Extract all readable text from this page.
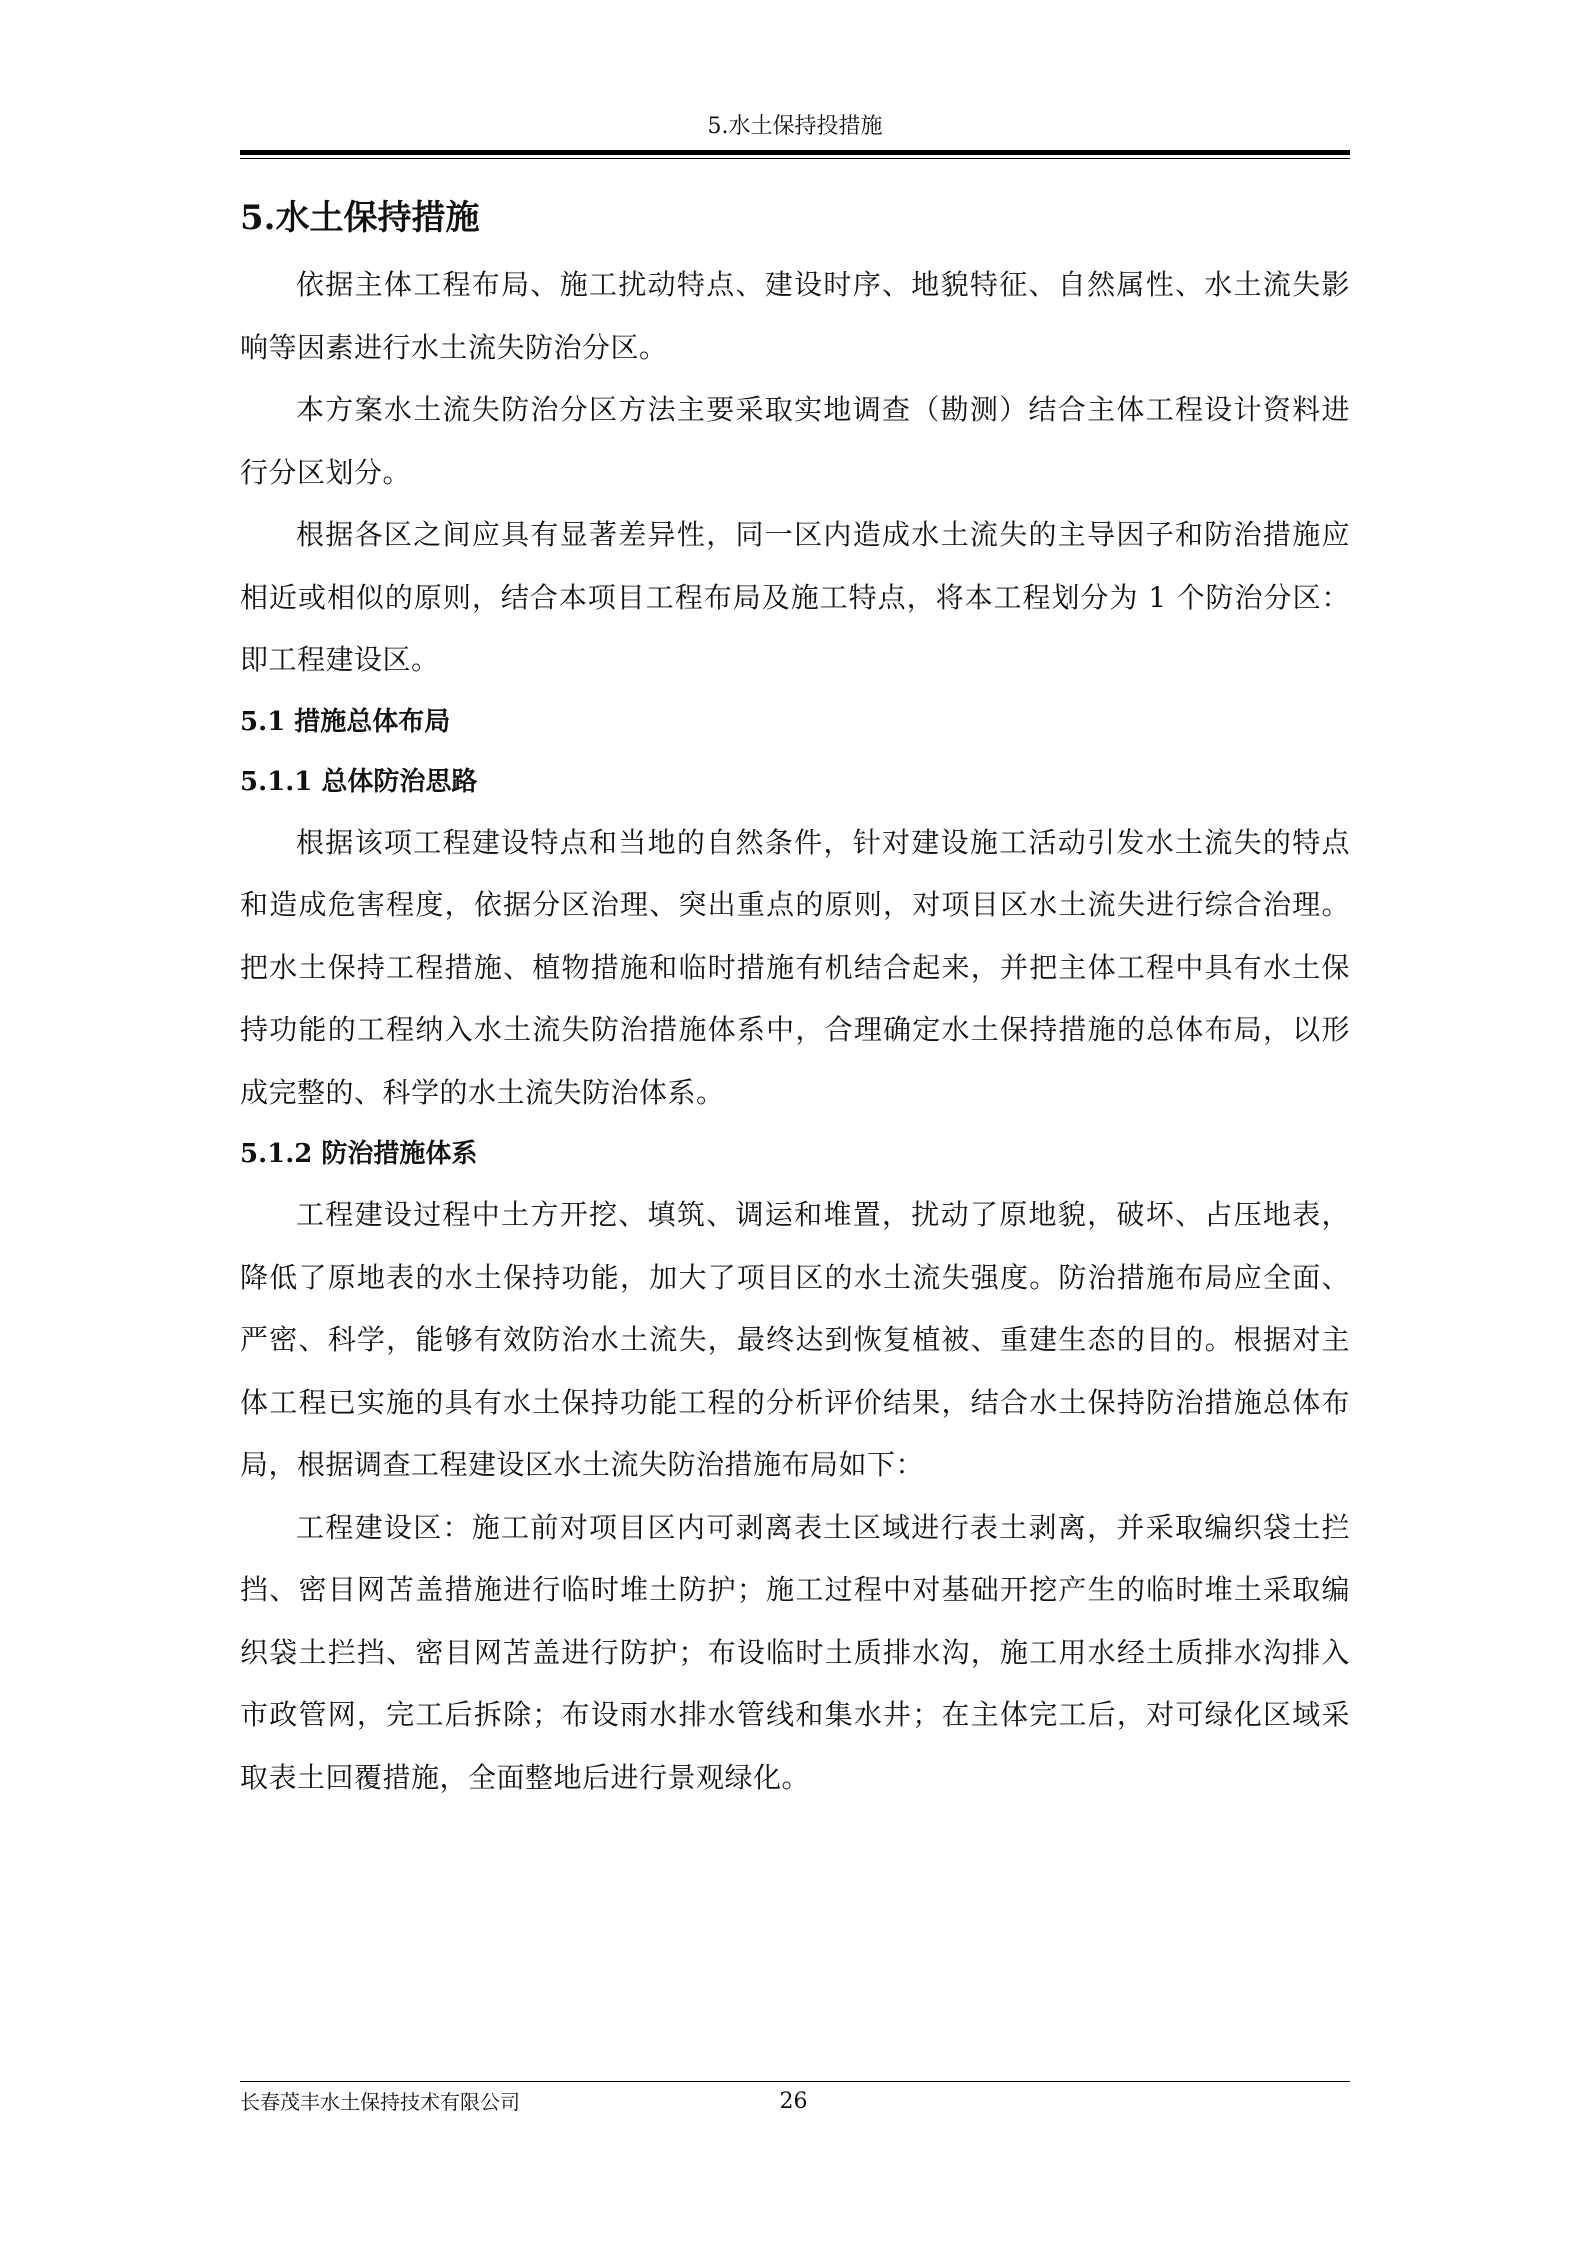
5.水土保持投措施
5.水土保持措施

依据主体工程布局、施工扰动特点、建设时序、地貌特征、自然属性、水土流失影响等因素进行水土流失防治分区。

本方案水土流失防治分区方法主要采取实地调查（勘测）结合主体工程设计资料进行分区划分。

根据各区之间应具有显著差异性，同一区内造成水土流失的主导因子和防治措施应相近或相似的原则，结合本项目工程布局及施工特点，将本工程划分为 1 个防治分区：即工程建设区。

5.1 措施总体布局
5.1.1 总体防治思路

根据该项工程建设特点和当地的自然条件，针对建设施工活动引发水土流失的特点和造成危害程度，依据分区治理、突出重点的原则，对项目区水土流失进行综合治理。把水土保持工程措施、植物措施和临时措施有机结合起来，并把主体工程中具有水土保持功能的工程纳入水土流失防治措施体系中，合理确定水土保持措施的总体布局，以形成完整的、科学的水土流失防治体系。

5.1.2 防治措施体系

工程建设过程中土方开挖、填筑、调运和堆置，扰动了原地貌，破坏、占压地表，降低了原地表的水土保持功能，加大了项目区的水土流失强度。防治措施布局应全面、严密、科学，能够有效防治水土流失，最终达到恢复植被、重建生态的目的。根据对主体工程已实施的具有水土保持功能工程的分析评价结果，结合水土保持防治措施总体布局，根据调查工程建设区水土流失防治措施布局如下：

工程建设区：施工前对项目区内可剥离表土区域进行表土剥离，并采取编织袋土拦挡、密目网苫盖措施进行临时堆土防护；施工过程中对基础开挖产生的临时堆土采取编织袋土拦挡、密目网苫盖进行防护；布设临时土质排水沟，施工用水经土质排水沟排入市政管网，完工后拆除；布设雨水排水管线和集水井；在主体完工后，对可绿化区域采取表土回覆措施，全面整地后进行景观绿化。

长春茂丰水土保持技术有限公司	26
